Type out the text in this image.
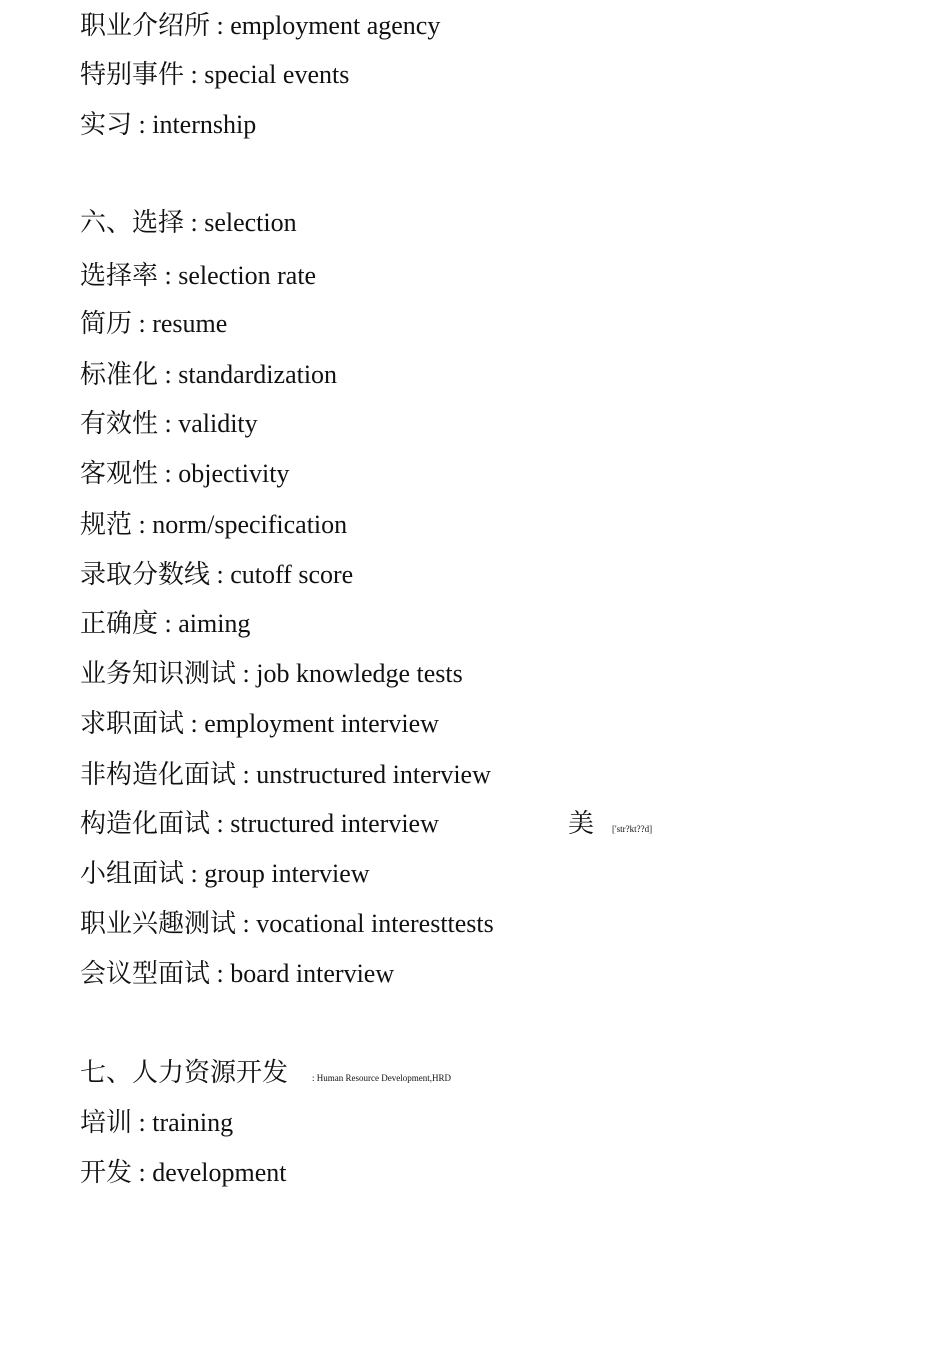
职业介绍所 : employment agency
特别事件 : special events
实习 : internship
六、选择 : selection
选择率 : selection rate
简历 : resume
标准化 : standardization
有效性 : validity
客观性 : objectivity
规范 : norm/specification
录取分数线 : cutoff score
正确度 : aiming
业务知识测试 : job knowledge tests
求职面试 : employment interview
非构造化面试 : unstructured interview
构造化面试 : structured interview
小组面试 : group interview
职业兴趣测试 : vocational interesttests
会议型面试 : board interview
美 ['str?kt??d]
七、人力资源开发	: Human Resource Development,HRD
培训 : training
开发 : development
